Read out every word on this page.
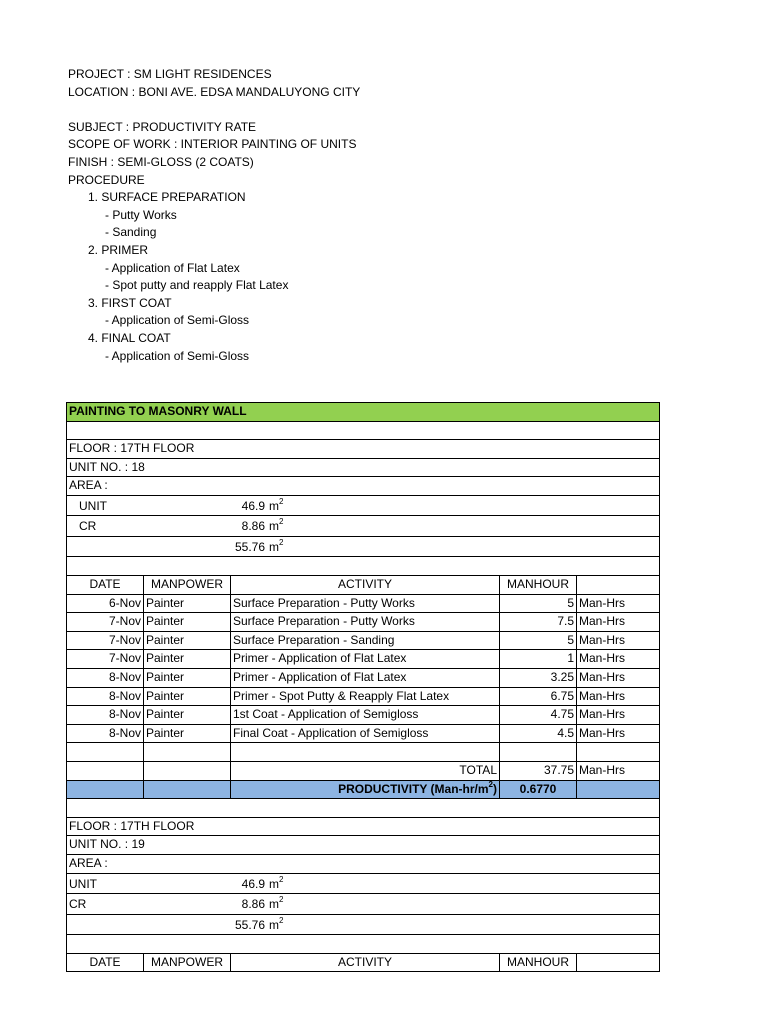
PROJECT : SM LIGHT RESIDENCES
LOCATION : BONI AVE. EDSA MANDALUYONG CITY
SUBJECT : PRODUCTIVITY RATE
SCOPE OF WORK : INTERIOR PAINTING OF UNITS
FINISH : SEMI-GLOSS (2 COATS)
PROCEDURE
1. SURFACE PREPARATION
- Putty Works
- Sanding
2. PRIMER
- Application of Flat Latex
- Spot putty and reapply Flat Latex
3. FIRST COAT
- Application of Semi-Gloss
4. FINAL COAT
- Application of Semi-Gloss
PAINTING TO MASONRY WALL
FLOOR : 17TH FLOOR
UNIT NO. : 18
AREA :
UNIT	46.9 $m^2$
CR	8.86 $m^2$
55.76 $m^2$
DATE	MANPOWER	ACTIVITY	MANHOUR
6-Nov Painter	Surface Preparation - Putty Works	5 Man-Hrs
7-Nov Painter	Surface Preparation - Putty Works	7.5 Man-Hrs
7-Nov Painter	Surface Preparation - Sanding	5 Man-Hrs
7-Nov Painter	Primer - Application of Flat Latex	1 Man-Hrs
8-Nov Painter	Primer - Application of Flat Latex	3.25 Man-Hrs
8-Nov Painter	Primer - Spot Putty & Reapply Flat Latex	6.75 Man-Hrs
8-Nov Painter	1st Coat - Application of Semigloss	4.75 Man-Hrs
8-Nov Painter	Final Coat - Application of Semigloss	4.5 Man-Hrs
TOTAL	37.75 Man-Hrs
PRODUCTIVITY $(Man-hr/m^2)$	0.6770
FLOOR : 17TH FLOOR
UNIT NO. : 19
AREA :
UNIT	46.9 $m^2$
CR	8.86 $m^2$
55.76 $m^2$
DATE	MANPOWER	ACTIVITY	MANHOUR
